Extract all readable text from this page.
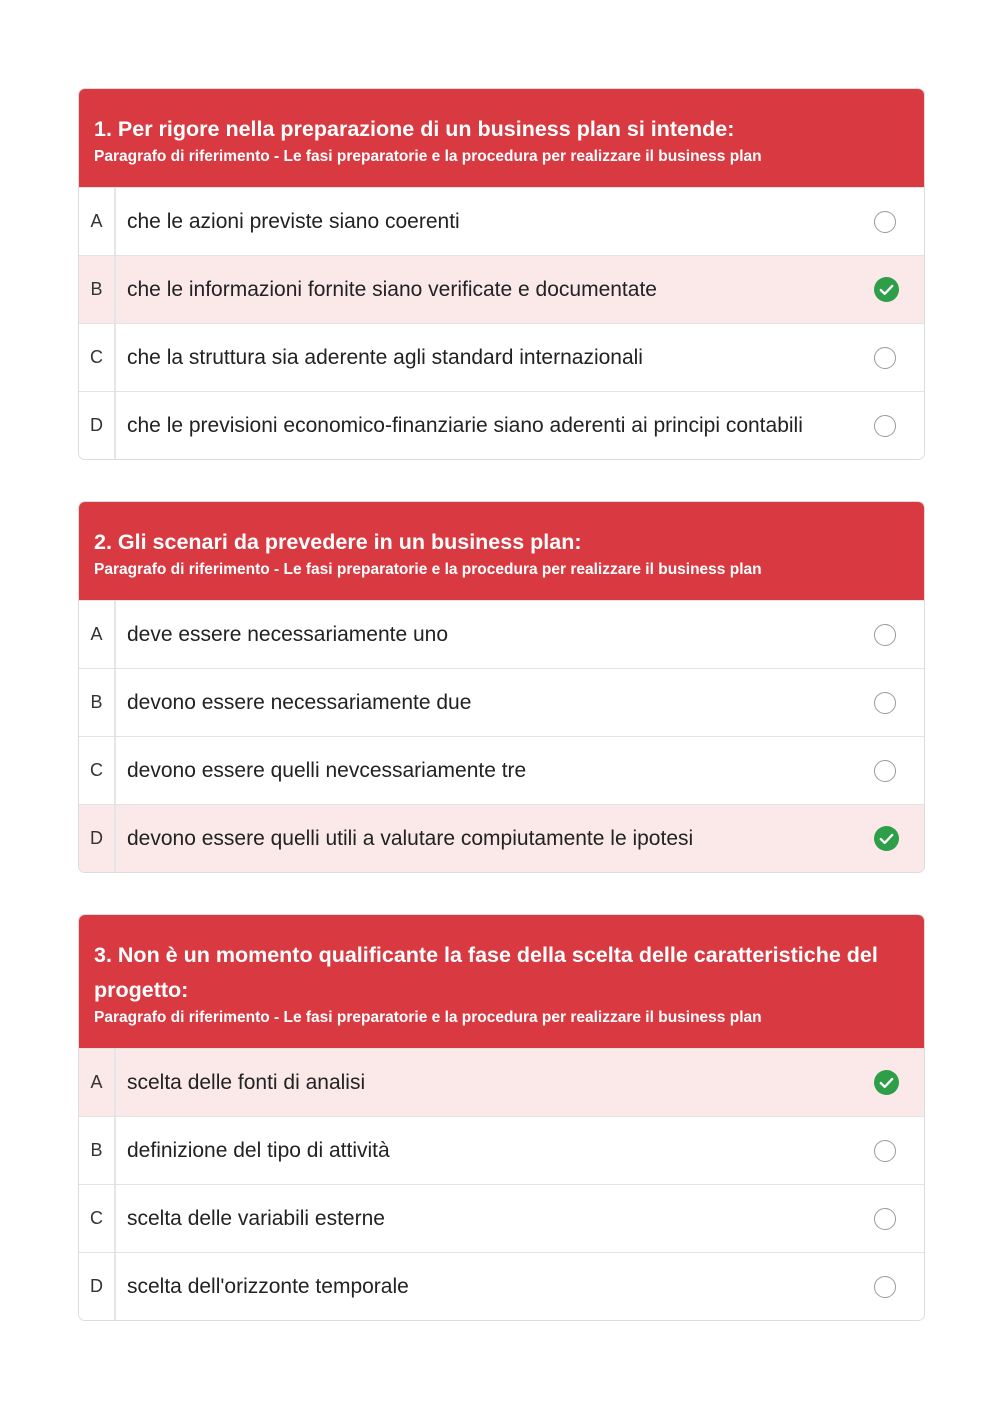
1. Per rigore nella preparazione di un business plan si intende:
Paragrafo di riferimento - Le fasi preparatorie e la procedura per realizzare il business plan
A	che le azioni previste siano coerenti
B	che le informazioni fornite siano verificate e documentate
C	che la struttura sia aderente agli standard internazionali
D	che le previsioni economico-finanziarie siano aderenti ai principi contabili
2. Gli scenari da prevedere in un business plan:
Paragrafo di riferimento - Le fasi preparatorie e la procedura per realizzare il business plan
A	deve essere necessariamente uno
B	devono essere necessariamente due
C	devono essere quelli nevcessariamente tre
D	devono essere quelli utili a valutare compiutamente le ipotesi
3. Non è un momento qualificante la fase della scelta delle caratteristiche del progetto:
Paragrafo di riferimento - Le fasi preparatorie e la procedura per realizzare il business plan
A	scelta delle fonti di analisi
B	definizione del tipo di attività
C	scelta delle variabili esterne
D	scelta dell'orizzonte temporale
